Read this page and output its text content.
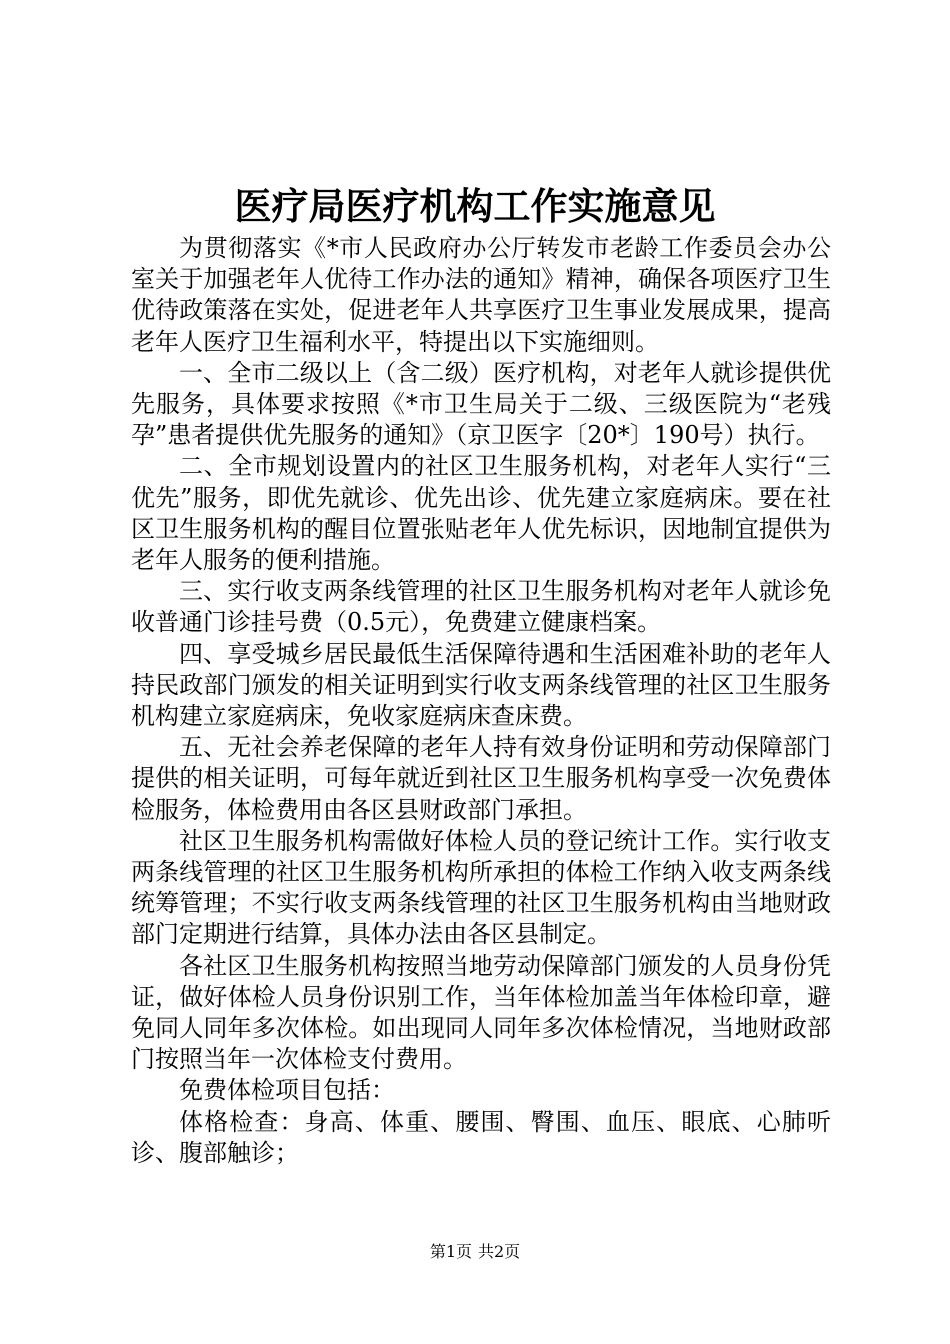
医疗局医疗机构工作实施意见

为贯彻落实《*市人民政府办公厅转发市老龄工作委员会办公室关于加强老年人优待工作办法的通知》精神，确保各项医疗卫生优待政策落在实处，促进老年人共享医疗卫生事业发展成果，提高老年人医疗卫生福利水平，特提出以下实施细则。

一、全市二级以上（含二级）医疗机构，对老年人就诊提供优先服务，具体要求按照《*市卫生局关于二级、三级医院为“老残孕”患者提供优先服务的通知》（京卫医字〔20*〕190号）执行。

二、全市规划设置内的社区卫生服务机构，对老年人实行“三优先”服务，即优先就诊、优先出诊、优先建立家庭病床。要在社区卫生服务机构的醒目位置张贴老年人优先标识，因地制宜提供为老年人服务的便利措施。

三、实行收支两条线管理的社区卫生服务机构对老年人就诊免收普通门诊挂号费（0.5元），免费建立健康档案。

四、享受城乡居民最低生活保障待遇和生活困难补助的老年人持民政部门颁发的相关证明到实行收支两条线管理的社区卫生服务机构建立家庭病床，免收家庭病床查床费。

五、无社会养老保障的老年人持有效身份证明和劳动保障部门提供的相关证明，可每年就近到社区卫生服务机构享受一次免费体检服务，体检费用由各区县财政部门承担。

社区卫生服务机构需做好体检人员的登记统计工作。实行收支两条线管理的社区卫生服务机构所承担的体检工作纳入收支两条线统筹管理；不实行收支两条线管理的社区卫生服务机构由当地财政部门定期进行结算，具体办法由各区县制定。

各社区卫生服务机构按照当地劳动保障部门颁发的人员身份凭证，做好体检人员身份识别工作，当年体检加盖当年体检印章，避免同人同年多次体检。如出现同人同年多次体检情况，当地财政部门按照当年一次体检支付费用。

免费体检项目包括：

体格检查：身高、体重、腰围、臀围、血压、眼底、心肺听诊、腹部触诊；

第1页 共2页
